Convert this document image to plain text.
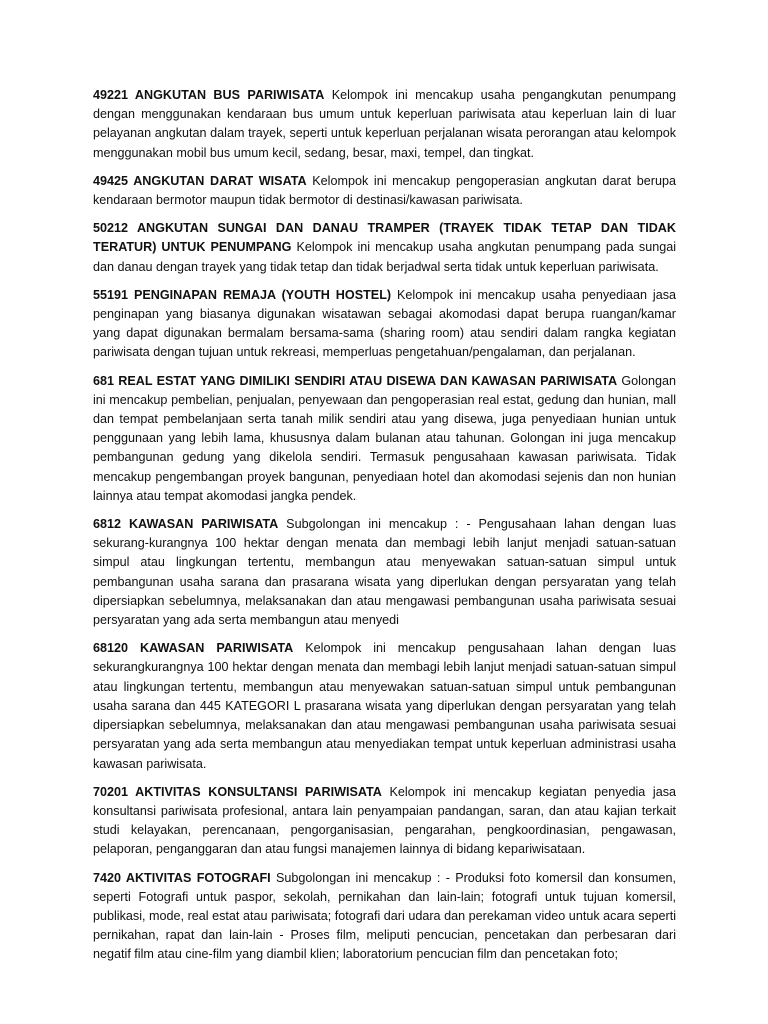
49221 ANGKUTAN BUS PARIWISATA Kelompok ini mencakup usaha pengangkutan penumpang dengan menggunakan kendaraan bus umum untuk keperluan pariwisata atau keperluan lain di luar pelayanan angkutan dalam trayek, seperti untuk keperluan perjalanan wisata perorangan atau kelompok menggunakan mobil bus umum kecil, sedang, besar, maxi, tempel, dan tingkat.

49425 ANGKUTAN DARAT WISATA Kelompok ini mencakup pengoperasian angkutan darat berupa kendaraan bermotor maupun tidak bermotor di destinasi/kawasan pariwisata.

50212 ANGKUTAN SUNGAI DAN DANAU TRAMPER (TRAYEK TIDAK TETAP DAN TIDAK TERATUR) UNTUK PENUMPANG Kelompok ini mencakup usaha angkutan penumpang pada sungai dan danau dengan trayek yang tidak tetap dan tidak berjadwal serta tidak untuk keperluan pariwisata.

55191 PENGINAPAN REMAJA (YOUTH HOSTEL) Kelompok ini mencakup usaha penyediaan jasa penginapan yang biasanya digunakan wisatawan sebagai akomodasi dapat berupa ruangan/kamar yang dapat digunakan bermalam bersama-sama (sharing room) atau sendiri dalam rangka kegiatan pariwisata dengan tujuan untuk rekreasi, memperluas pengetahuan/pengalaman, dan perjalanan.

681 REAL ESTAT YANG DIMILIKI SENDIRI ATAU DISEWA DAN KAWASAN PARIWISATA Golongan ini mencakup pembelian, penjualan, penyewaan dan pengoperasian real estat, gedung dan hunian, mall dan tempat pembelanjaan serta tanah milik sendiri atau yang disewa, juga penyediaan hunian untuk penggunaan yang lebih lama, khususnya dalam bulanan atau tahunan. Golongan ini juga mencakup pembangunan gedung yang dikelola sendiri. Termasuk pengusahaan kawasan pariwisata. Tidak mencakup pengembangan proyek bangunan, penyediaan hotel dan akomodasi sejenis dan non hunian lainnya atau tempat akomodasi jangka pendek.

6812 KAWASAN PARIWISATA Subgolongan ini mencakup : - Pengusahaan lahan dengan luas sekurang-kurangnya 100 hektar dengan menata dan membagi lebih lanjut menjadi satuan-satuan simpul atau lingkungan tertentu, membangun atau menyewakan satuan-satuan simpul untuk pembangunan usaha sarana dan prasarana wisata yang diperlukan dengan persyaratan yang telah dipersiapkan sebelumnya, melaksanakan dan atau mengawasi pembangunan usaha pariwisata sesuai persyaratan yang ada serta membangun atau menyedi

68120 KAWASAN PARIWISATA Kelompok ini mencakup pengusahaan lahan dengan luas sekurangkurangnya 100 hektar dengan menata dan membagi lebih lanjut menjadi satuan-satuan simpul atau lingkungan tertentu, membangun atau menyewakan satuan-satuan simpul untuk pembangunan usaha sarana dan 445 KATEGORI L prasarana wisata yang diperlukan dengan persyaratan yang telah dipersiapkan sebelumnya, melaksanakan dan atau mengawasi pembangunan usaha pariwisata sesuai persyaratan yang ada serta membangun atau menyediakan tempat untuk keperluan administrasi usaha kawasan pariwisata.

70201 AKTIVITAS KONSULTANSI PARIWISATA Kelompok ini mencakup kegiatan penyedia jasa konsultansi pariwisata profesional, antara lain penyampaian pandangan, saran, dan atau kajian terkait studi kelayakan, perencanaan, pengorganisasian, pengarahan, pengkoordinasian, pengawasan, pelaporan, penganggaran dan atau fungsi manajemen lainnya di bidang kepariwisataan.

7420 AKTIVITAS FOTOGRAFI Subgolongan ini mencakup : - Produksi foto komersil dan konsumen, seperti Fotografi untuk paspor, sekolah, pernikahan dan lain-lain; fotografi untuk tujuan komersil, publikasi, mode, real estat atau pariwisata; fotografi dari udara dan perekaman video untuk acara seperti pernikahan, rapat dan lain-lain - Proses film, meliputi pencucian, pencetakan dan perbesaran dari negatif film atau cine-film yang diambil klien; laboratorium pencucian film dan pencetakan foto;
